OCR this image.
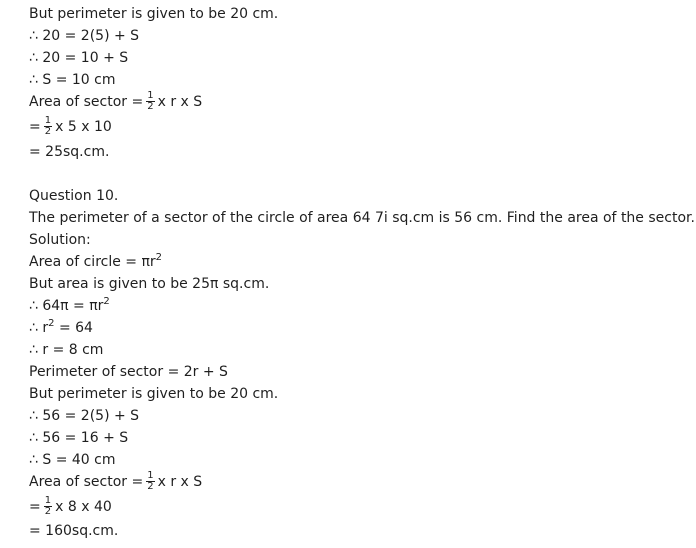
But perimeter is given to be 20 cm.
∴ 20 = 2(5) + S
∴ 20 = 10 + S
∴ S = 10 cm
Area of sector = $\frac{1}{2}$ x r x S
= $\frac{1}{2}$ x 5 x 10
= 25sq.cm.
Question 10.
The perimeter of a sector of the circle of area 64 7i sq.cm is 56 cm. Find the area of the sector.
Solution:
Area of circle = $\pi r^2$
But area is given to be 25π sq.cm.
∴ $64\pi = \pi r^2$
∴ $r^2 = 64$
∴ r = 8 cm
Perimeter of sector = 2r + S
But perimeter is given to be 20 cm.
∴ 56 = 2(5) + S
∴ 56 = 16 + S
∴ S = 40 cm
Area of sector = $\frac{1}{2}$ x r x S
= $\frac{1}{2}$ x 8 x 40
= 160sq.cm.
